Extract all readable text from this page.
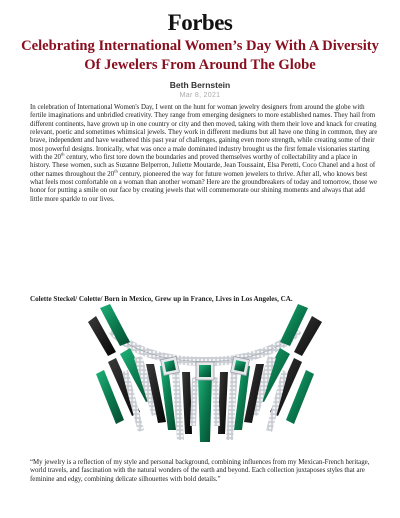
Forbes
Celebrating International Women’s Day With A Diversity Of Jewelers From Around The Globe
Beth Bernstein
Mar 8, 2021

In celebration of International Women's Day, I went on the hunt for woman jewelry designers from around the globe with fertile imaginations and unbridled creativity. They range from emerging designers to more established names. They hail from different continents, have grown up in one country or city and then moved, taking with them their love and knack for creating relevant, poetic and sometimes whimsical jewels. They work in different mediums but all have one thing in common, they are brave, independent and have weathered this past year of challenges, gaining even more strength, while creating some of their most powerful designs. Ironically, what was once a male dominated industry brought us the first female visionaries starting with the 20th century, who first tore down the boundaries and proved themselves worthy of collectability and a place in history. These women, such as Suzanne Belperron, Juliette Moutarde, Jean Toussaint, Elsa Peretti, Coco Chanel and a host of other names throughout the 20th century, pioneered the way for future women jewelers to thrive. After all, who knows best what feels most comfortable on a woman than another woman? Here are the groundbreakers of today and tomorrow, those we honor for putting a smile on our face by creating jewels that will commemorate our shining moments and always that add little more sparkle to our lives.

Colette Steckel/ Colette/ Born in Mexico, Grew up in France, Lives in Los Angeles, CA.

“My jewelry is a reflection of my style and personal background, combining influences from my Mexican-French heritage, world travels, and fascination with the natural wonders of the earth and beyond. Each collection juxtaposes styles that are feminine and edgy, combining delicate silhouettes with bold details.”
